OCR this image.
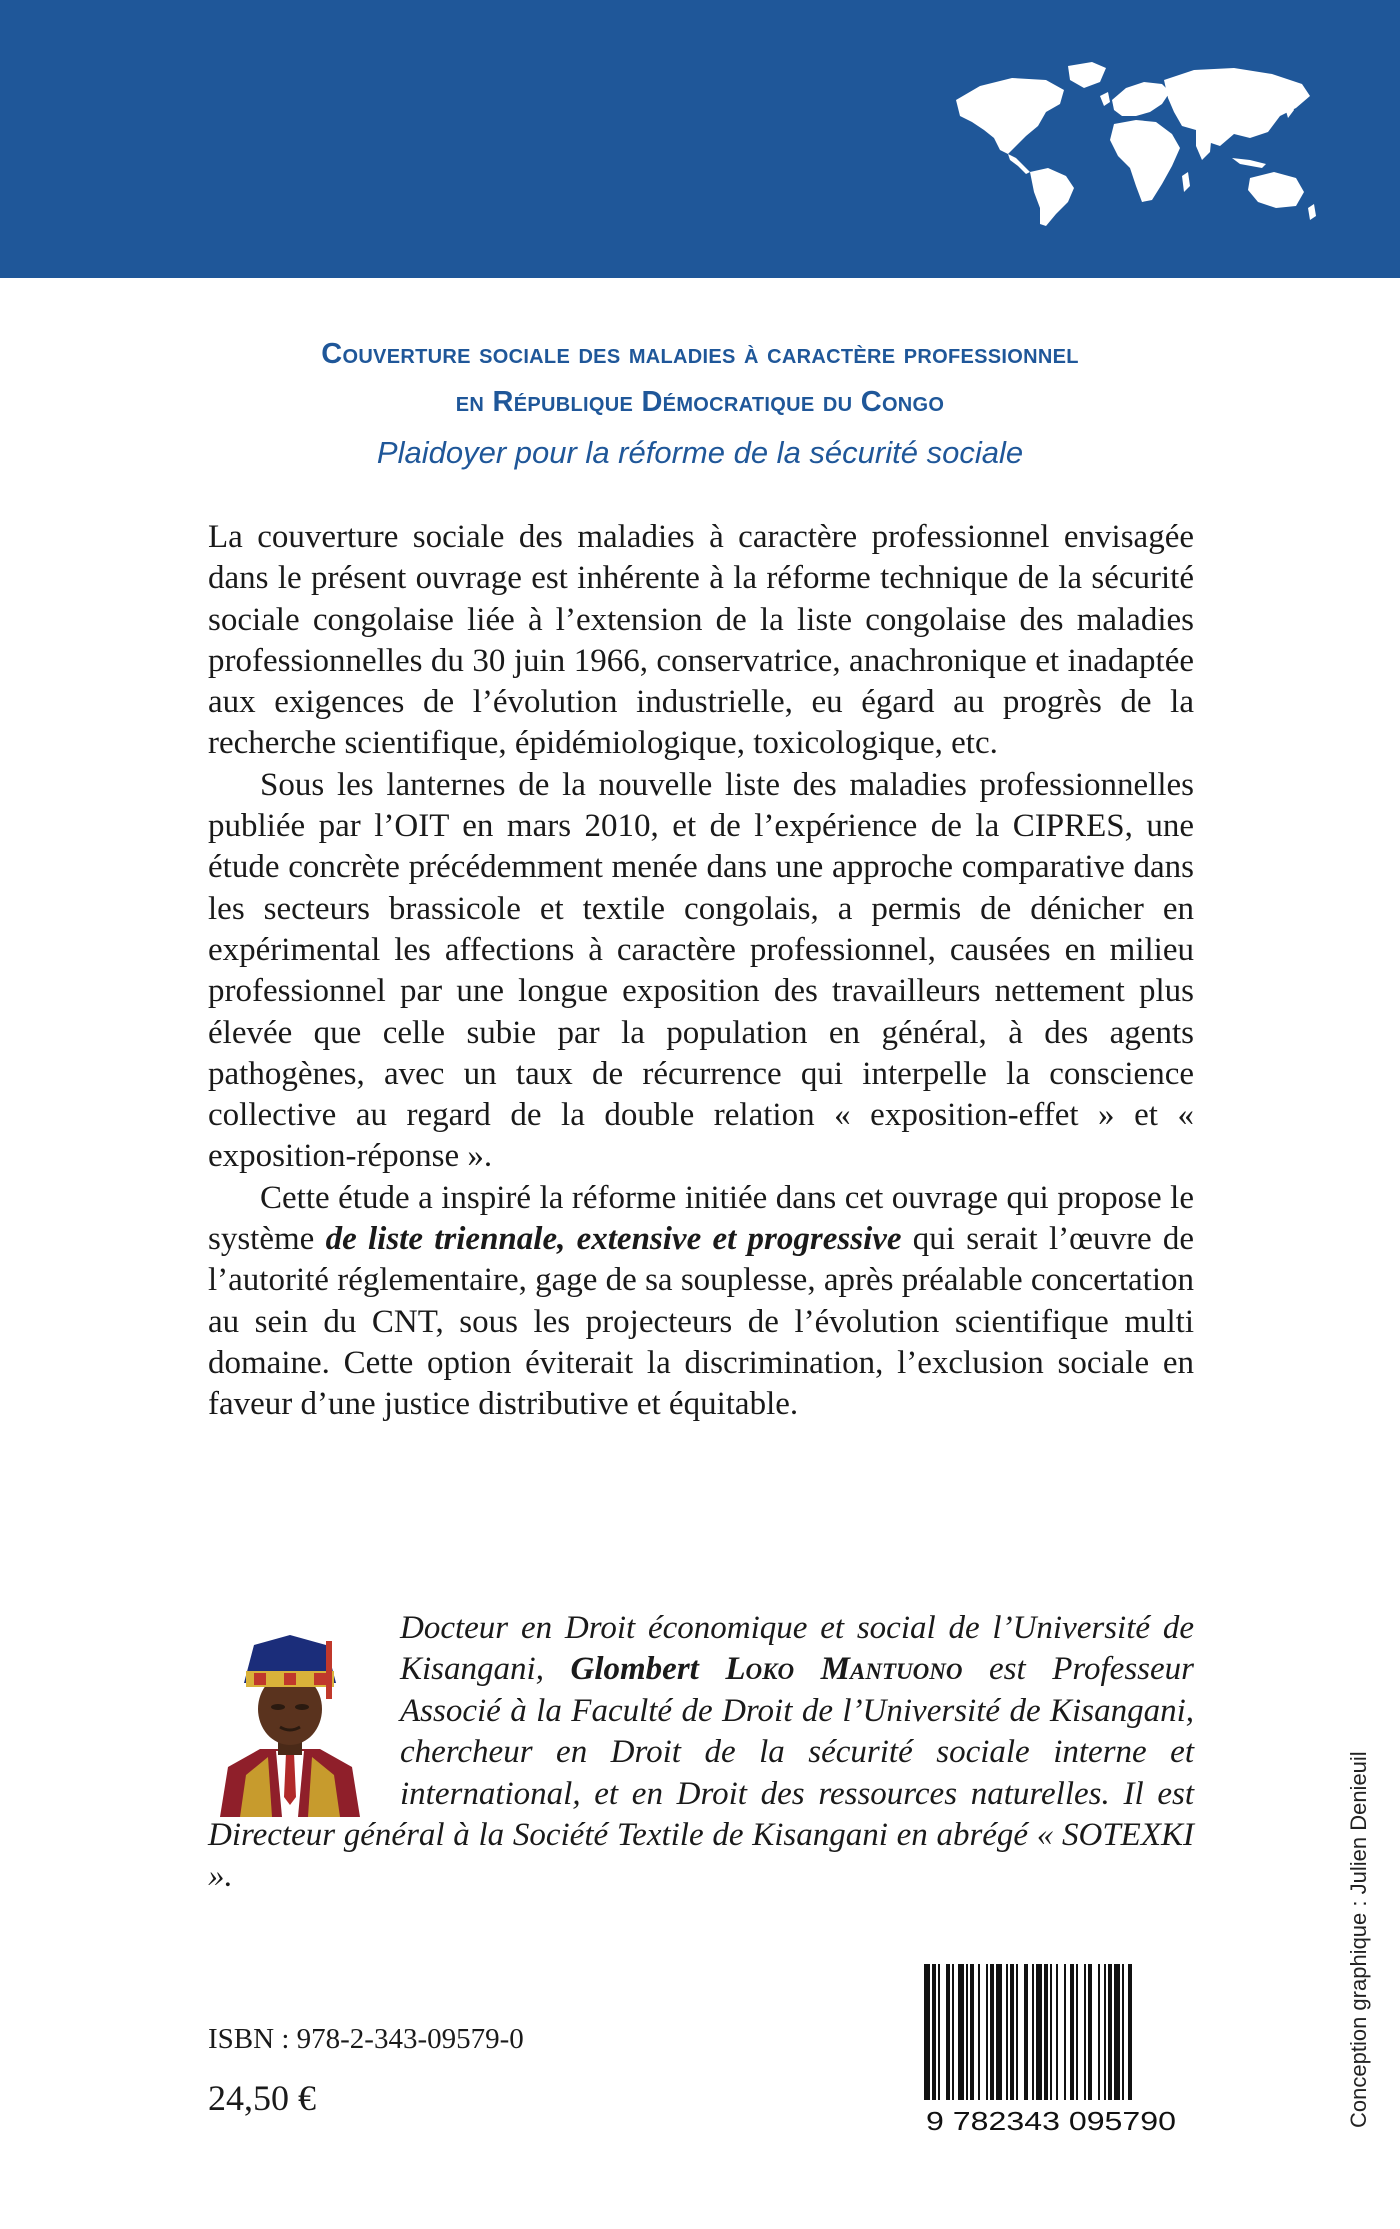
Couverture sociale des maladies à caractère professionnel
en République Démocratique du Congo
Plaidoyer pour la réforme de la sécurité sociale

La couverture sociale des maladies à caractère professionnel envisagée dans le présent ouvrage est inhérente à la réforme technique de la sécurité sociale congolaise liée à l’extension de la liste congolaise des maladies professionnelles du 30 juin 1966, conservatrice, anachronique et inadaptée aux exigences de l’évolution industrielle, eu égard au progrès de la recherche scientifique, épidémiologique, toxicologique, etc.

Sous les lanternes de la nouvelle liste des maladies professionnelles publiée par l’OIT en mars 2010, et de l’expérience de la CIPRES, une étude concrète précédemment menée dans une approche comparative dans les secteurs brassicole et textile congolais, a permis de dénicher en expérimental les affections à caractère professionnel, causées en milieu professionnel par une longue exposition des travailleurs nettement plus élevée que celle subie par la population en général, à des agents pathogènes, avec un taux de récurrence qui interpelle la conscience collective au regard de la double relation « exposition-effet » et « exposition-réponse ».

Cette étude a inspiré la réforme initiée dans cet ouvrage qui propose le système de liste triennale, extensive et progressive qui serait l’œuvre de l’autorité réglementaire, gage de sa souplesse, après préalable concertation au sein du CNT, sous les projecteurs de l’évolution scientifique multi domaine. Cette option éviterait la discrimination, l’exclusion sociale en faveur d’une justice distributive et équitable.

Docteur en Droit économique et social de l’Université de Kisangani, Glombert Loko Mantuono est Professeur Associé à la Faculté de Droit de l’Université de Kisangani, chercheur en Droit de la sécurité sociale interne et international, et en Droit des ressources naturelles. Il est Directeur général à la Société Textile de Kisangani en abrégé « SOTEXKI ».
ISBN : 978-2-343-09579-0
24,50 €
9 782343 095790	Conception graphique : Julien Denieuil
